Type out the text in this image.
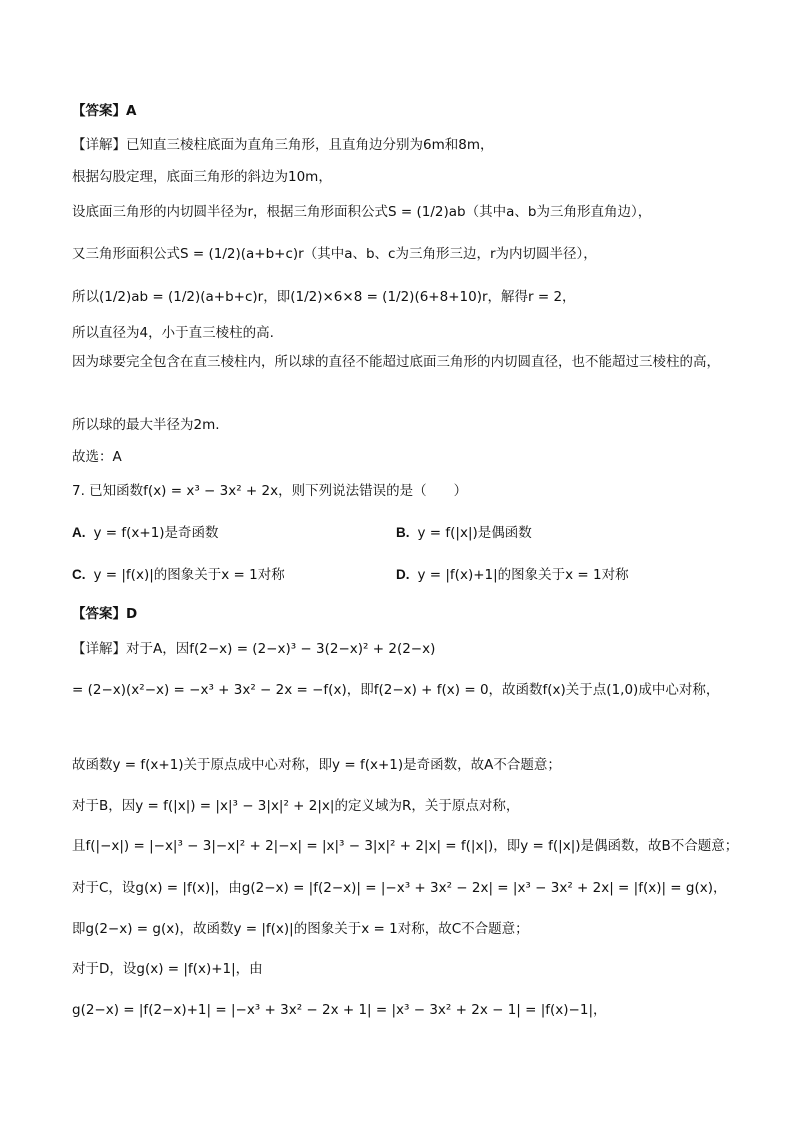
【答案】A
【详解】已知直三棱柱底面为直角三角形，且直角边分别为6m和8m，
根据勾股定理，底面三角形的斜边为10m，
设底面三角形的内切圆半径为r，根据三角形面积公式S = (1/2)ab（其中a、b为三角形直角边），
又三角形面积公式S = (1/2)(a+b+c)r（其中a、b、c为三角形三边，r为内切圆半径），
所以(1/2)ab = (1/2)(a+b+c)r，即(1/2)×6×8 = (1/2)(6+8+10)r，解得r = 2，
所以直径为4，小于直三棱柱的高.
因为球要完全包含在直三棱柱内，所以球的直径不能超过底面三角形的内切圆直径，也不能超过三棱柱的高，
所以球的最大半径为2m.
故选：A
7. 已知函数f(x) = x³ − 3x² + 2x，则下列说法错误的是（　　）
A. y = f(x+1)是奇函数	B. y = f(|x|)是偶函数
C. y = |f(x)|的图象关于x = 1对称	D. y = |f(x)+1|的图象关于x = 1对称
【答案】D
【详解】对于A，因f(2−x) = (2−x)³ − 3(2−x)² + 2(2−x)
= (2−x)(x²−x) = −x³ + 3x² − 2x = −f(x)，即f(2−x) + f(x) = 0，故函数f(x)关于点(1,0)成中心对称，
故函数y = f(x+1)关于原点成中心对称，即y = f(x+1)是奇函数，故A不合题意；
对于B，因y = f(|x|) = |x|³ − 3|x|² + 2|x|的定义域为R，关于原点对称，
且f(|−x|) = |−x|³ − 3|−x|² + 2|−x| = |x|³ − 3|x|² + 2|x| = f(|x|)，即y = f(|x|)是偶函数，故B不合题意；
对于C，设g(x) = |f(x)|，由g(2−x) = |f(2−x)| = |−x³ + 3x² − 2x| = |x³ − 3x² + 2x| = |f(x)| = g(x)，
即g(2−x) = g(x)，故函数y = |f(x)|的图象关于x = 1对称，故C不合题意；
对于D，设g(x) = |f(x)+1|，由
g(2−x) = |f(2−x)+1| = |−x³ + 3x² − 2x + 1| = |x³ − 3x² + 2x − 1| = |f(x)−1|，
